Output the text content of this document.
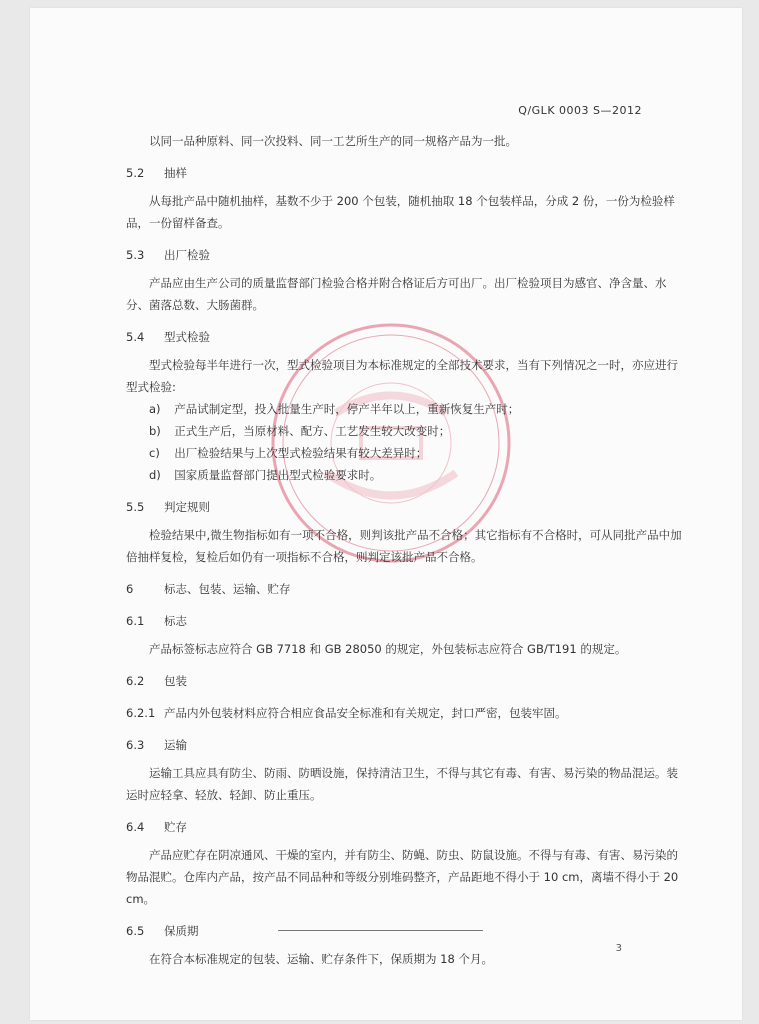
Q/GLK 0003 S—2012

以同一品种原料、同一次投料、同一工艺所生产的同一规格产品为一批。

5.2 抽样

从每批产品中随机抽样，基数不少于 200 个包装，随机抽取 18 个包装样品，分成 2 份，一份为检验样品，一份留样备查。

5.3 出厂检验

产品应由生产公司的质量监督部门检验合格并附合格证后方可出厂。出厂检验项目为感官、净含量、水分、菌落总数、大肠菌群。

5.4 型式检验

型式检验每半年进行一次，型式检验项目为本标准规定的全部技术要求，当有下列情况之一时，亦应进行型式检验:

a) 产品试制定型，投入批量生产时，停产半年以上，重新恢复生产时；
b) 正式生产后，当原材料、配方、工艺发生较大改变时；
c) 出厂检验结果与上次型式检验结果有较大差异时；
d) 国家质量监督部门提出型式检验要求时。
5.5 判定规则

检验结果中,微生物指标如有一项不合格，则判该批产品不合格；其它指标有不合格时，可从同批产品中加倍抽样复检，复检后如仍有一项指标不合格，则判定该批产品不合格。

6	标志、包装、运输、贮存
6.1 标志

产品标签标志应符合 GB 7718 和 GB 28050 的规定，外包装标志应符合 GB/T191 的规定。

6.2 包装
6.2.1 产品内外包装材料应符合相应食品安全标准和有关规定，封口严密，包装牢固。
6.3 运输

运输工具应具有防尘、防雨、防晒设施，保持清洁卫生，不得与其它有毒、有害、易污染的物品混运。装运时应轻拿、轻放、轻卸、防止重压。

6.4 贮存

产品应贮存在阴凉通风、干燥的室内，并有防尘、防蝇、防虫、防鼠设施。不得与有毒、有害、易污染的物品混贮。仓库内产品，按产品不同品种和等级分别堆码整齐，产品距地不得小于 10 cm，离墙不得小于 20 cm。

6.5 保质期

在符合本标准规定的包装、运输、贮存条件下，保质期为 18 个月。

3
